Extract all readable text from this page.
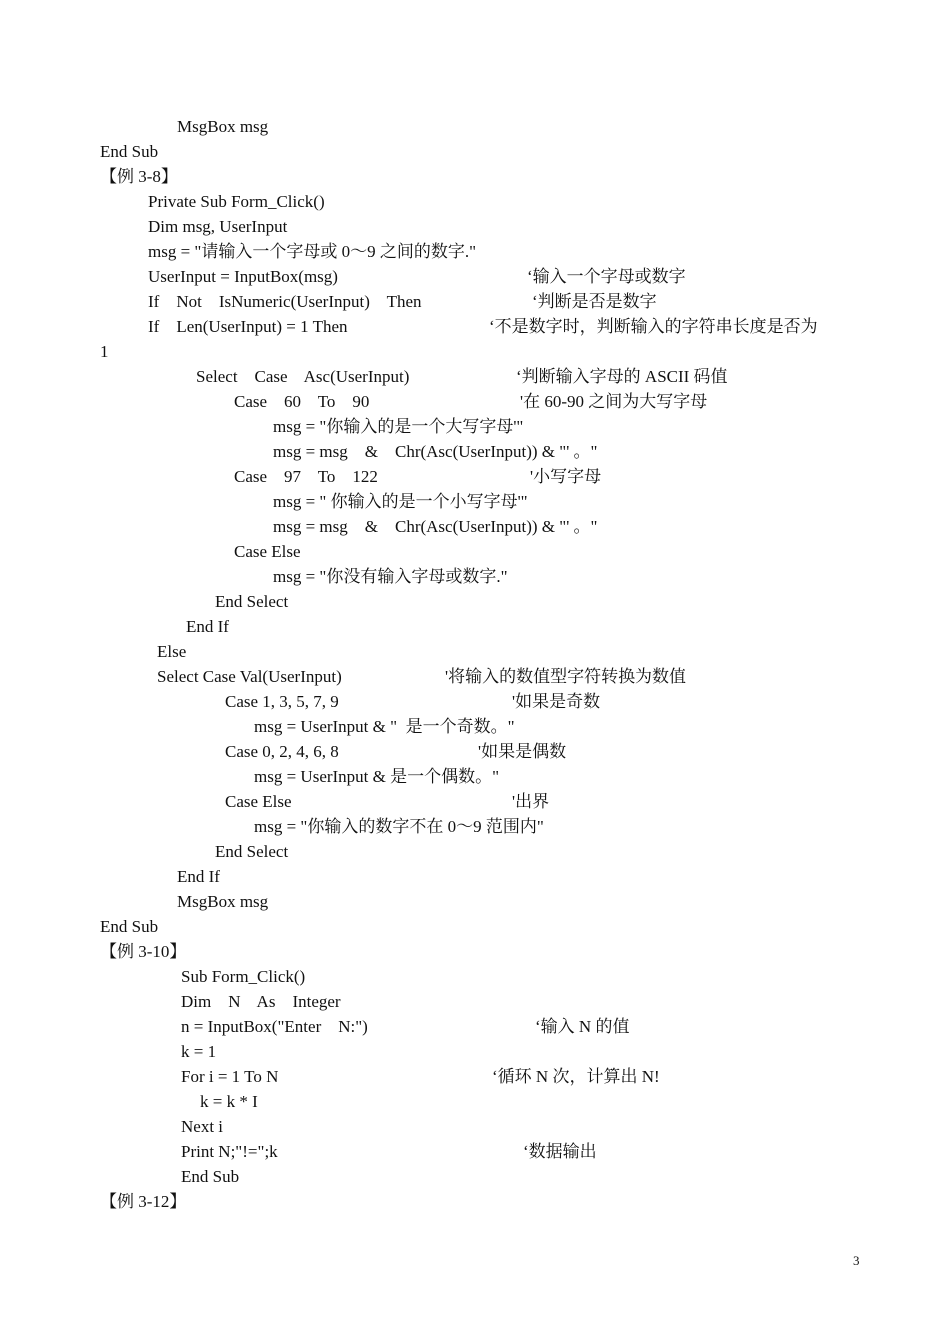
3
MsgBox msg
End Sub
【例 3-8】
Private Sub Form_Click()
Dim msg, UserInput
msg = "请输入一个字母或 0～9 之间的数字."
UserInput = InputBox(msg)	‘输入一个字母或数字
If    Not    IsNumeric(UserInput)    Then	‘判断是否是数字
If    Len(UserInput) = 1 Then	‘不是数字时，判断输入的字符串长度是否为
1
Select    Case    Asc(UserInput)	‘判断输入字母的 ASCII 码值
Case    60    To    90	'在 60-90 之间为大写字母
msg = "你输入的是一个大写字母'"
msg = msg    &    Chr(Asc(UserInput)) & "' 。"
Case    97    To    122	'小写字母
msg = " 你输入的是一个小写字母'"
msg = msg    &    Chr(Asc(UserInput)) & "' 。"
Case Else
msg = "你没有输入字母或数字."
End Select
End If
Else
Select Case Val(UserInput)	'将输入的数值型字符转换为数值
Case 1, 3, 5, 7, 9	'如果是奇数
msg = UserInput & "  是一个奇数。"
Case 0, 2, 4, 6, 8	'如果是偶数
msg = UserInput & 是一个偶数。"
Case Else	'出界
msg = "你输入的数字不在 0～9 范围内"
End Select
End If
MsgBox msg
End Sub
【例 3-10】
Sub Form_Click()
Dim    N    As    Integer
n = InputBox("Enter    N:")	‘输入 N 的值
k = 1
For i = 1 To N	‘循环 N 次，计算出 N!
k = k * I
Next i
Print N;"!=";k	‘数据输出
End Sub
【例 3-12】
